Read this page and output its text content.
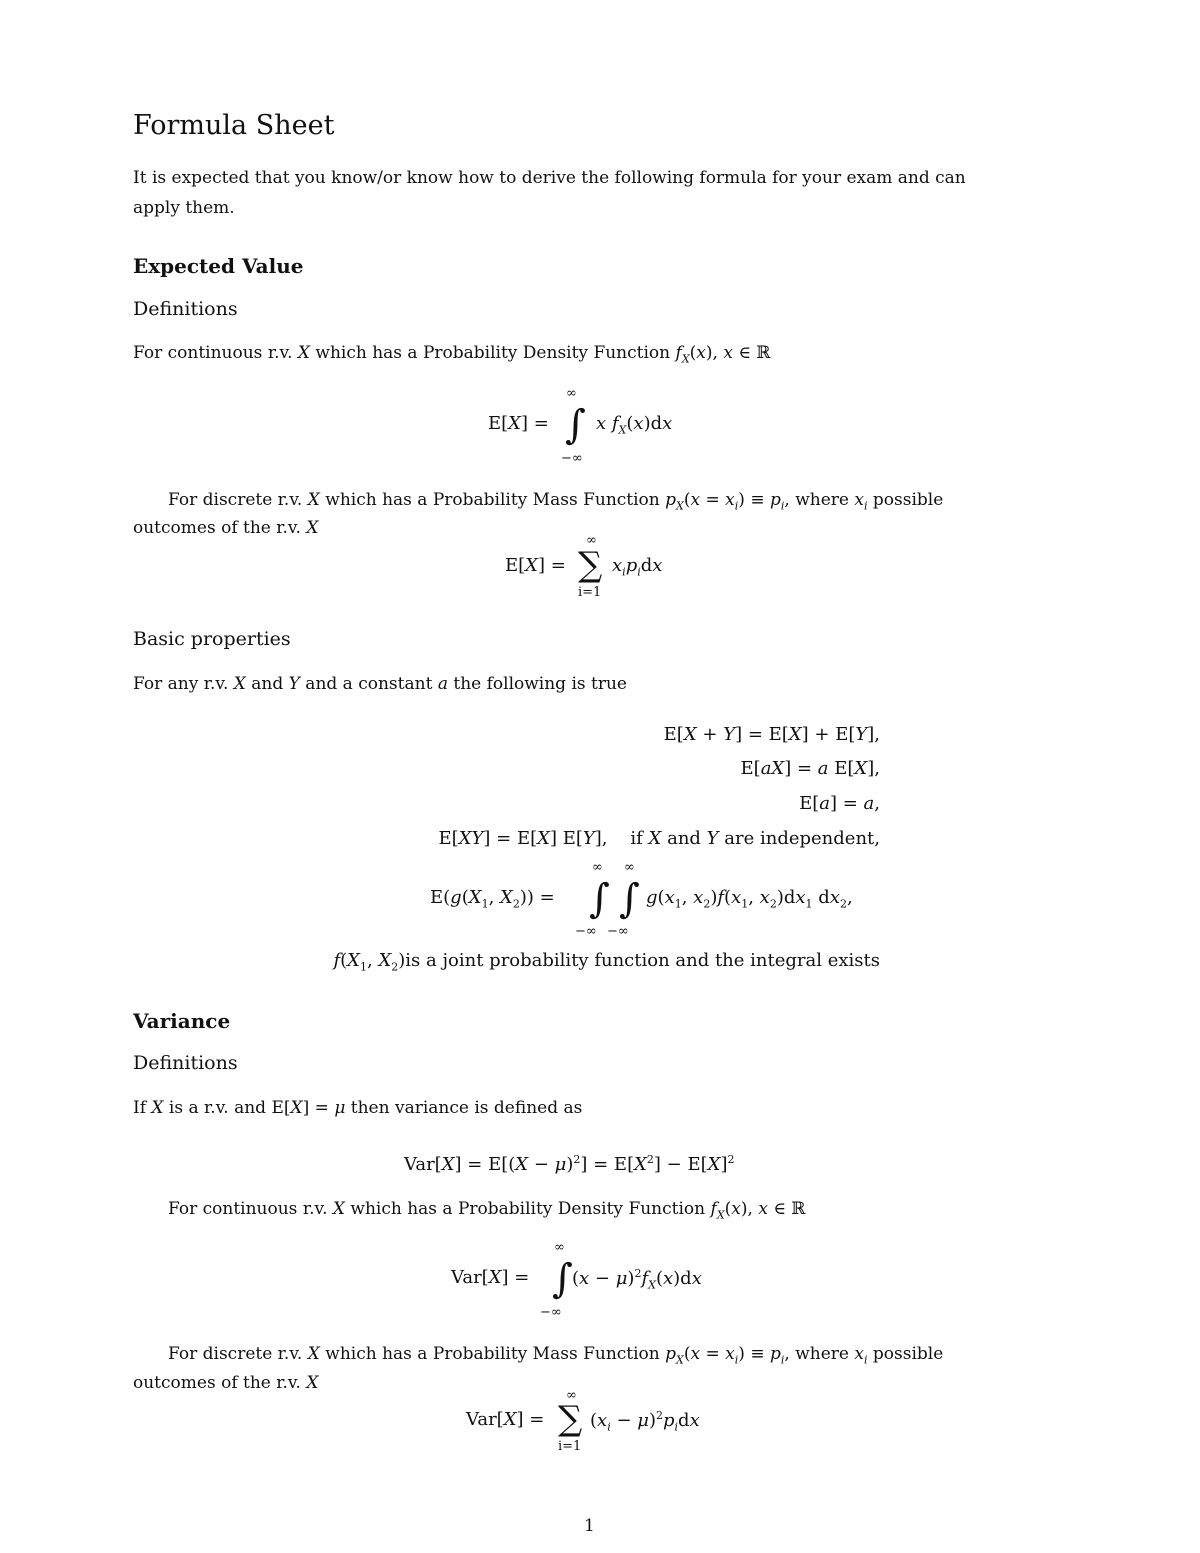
Formula Sheet
It is expected that you know/or know how to derive the following formula for your exam and can
apply them.
Expected Value
Definitions
For continuous r.v. X which has a Probability Density Function $f_X(x)$, x ∈ ℝ
E[X] =
∞
∫
−∞
x $f_X(x)dx$
For discrete r.v. X which has a Probability Mass Function $p_X(x = x_i) \equiv p_i$, where $x_i$ possible
outcomes of the r.v. X
E[X] =
∞
∑
i=1
$x_ip_idx$
Basic properties
For any r.v. X and Y and a constant a the following is true
E[X + Y] = E[X] + E[Y],
E[aX] = a E[X],
E[a] = a,
E[XY] = E[X] E[Y],    if X and Y are independent,
$E(g(X_1$, $X_2$)) =
∞
∫
−∞
∞
∫
−∞
$g(x_1$, $x_2)f(x_1$, $x_2)dx_1$ $dx_2$,
$f(X_1$, $X_2)is$ a joint probability function and the integral exists
Variance
Definitions
If X is a r.v. and E[X] = μ then variance is defined as
$Var[X] = E[(X - \mu)^2] = E[X^2] - E[X]^2$
For continuous r.v. X which has a Probability Density Function $f_X(x)$, x ∈ ℝ
Var[X] =
∞
∫
−∞
$(x - \mu)^2f_X(x)dx$
For discrete r.v. X which has a Probability Mass Function $p_X(x = x_i) \equiv p_i$, where $x_i$ possible
outcomes of the r.v. X
Var[X] =
∞
∑
i=1
$(x_i - \mu)^2p_idx$
1
